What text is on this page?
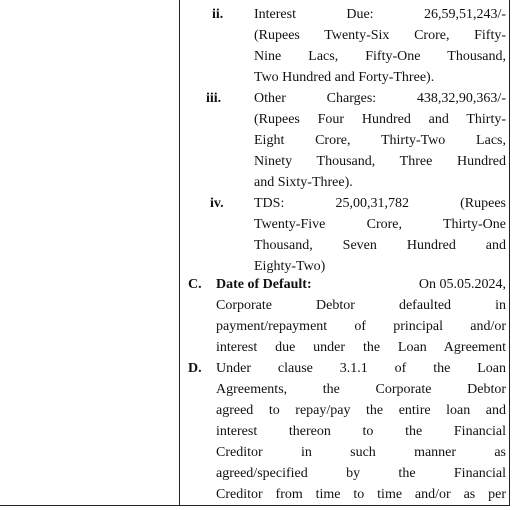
ii. Interest Due: 26,59,51,243/-
(Rupees Twenty-Six Crore, Fifty-
Nine Lacs, Fifty-One Thousand,
Two Hundred and Forty-Three).
iii. Other Charges: 438,32,90,363/-
(Rupees Four Hundred and Thirty-
Eight Crore, Thirty-Two Lacs,
Ninety Thousand, Three Hundred
and Sixty-Three).
iv. TDS: 25,00,31,782 (Rupees
Twenty-Five Crore, Thirty-One
Thousand, Seven Hundred and
Eighty-Two)
C. Date of Default:	On 05.05.2024,
Corporate Debtor defaulted in
payment/repayment of principal and/or
interest due under the Loan Agreement
D. Under clause 3.1.1 of the Loan
Agreements, the Corporate Debtor
agreed to repay/pay the entire loan and
interest thereon to the Financial
Creditor in such manner as
agreed/specified by the Financial
Creditor from time to time and/or as per
